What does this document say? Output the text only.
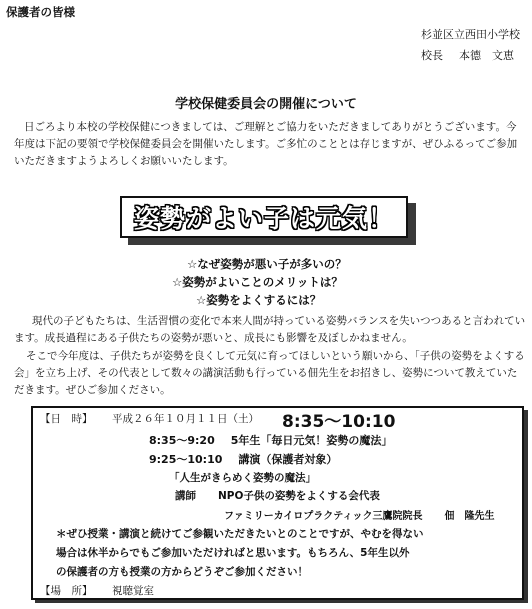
保護者の皆様
杉並区立西田小学校
校長 本德　文恵
学校保健委員会の開催について

日ごろより本校の学校保健につきましては、ご理解とご協力をいただきましてありがとうございます。今年度は下記の要領で学校保健委員会を開催いたします。ご多忙のこととは存じますが、ぜひふるってご参加いただきますようよろしくお願いいたします。

姿勢がよい子は元気！
☆なぜ姿勢が悪い子が多いの？
☆姿勢がよいことのメリットは？
☆姿勢をよくするには？

現代の子どもたちは、生活習慣の変化で本来人間が持っている姿勢バランスを失いつつあると言われています。成長過程にある子供たちの姿勢が悪いと、成長にも影響を及ぼしかねません。

そこで今年度は、子供たちが姿勢を良くして元気に育ってほしいという願いから、「子供の姿勢をよくする会」を立ち上げ、その代表として数々の講演活動も行っている佃先生をお招きし、姿勢について教えていただきます。ぜひご参加ください。

【日　時】 平成２６年１０月１１日（土） 8:35〜10:10
8:35〜9:20 5年生「毎日元気！姿勢の魔法」
9:25〜10:10 講演（保護者対象）
「人生がきらめく姿勢の魔法」
講師 NPO子供の姿勢をよくする会代表
ファミリーカイロプラクティック三鷹院院長 佃　隆先生
＊ぜひ授業・講演と続けてご参観いただきたいとのことですが、やむを得ない
場合は休半からでもご参加いただければと思います。もちろん、5年生以外
の保護者の方も授業の方からどうぞご参加ください！
【場　所】 視聴覚室
